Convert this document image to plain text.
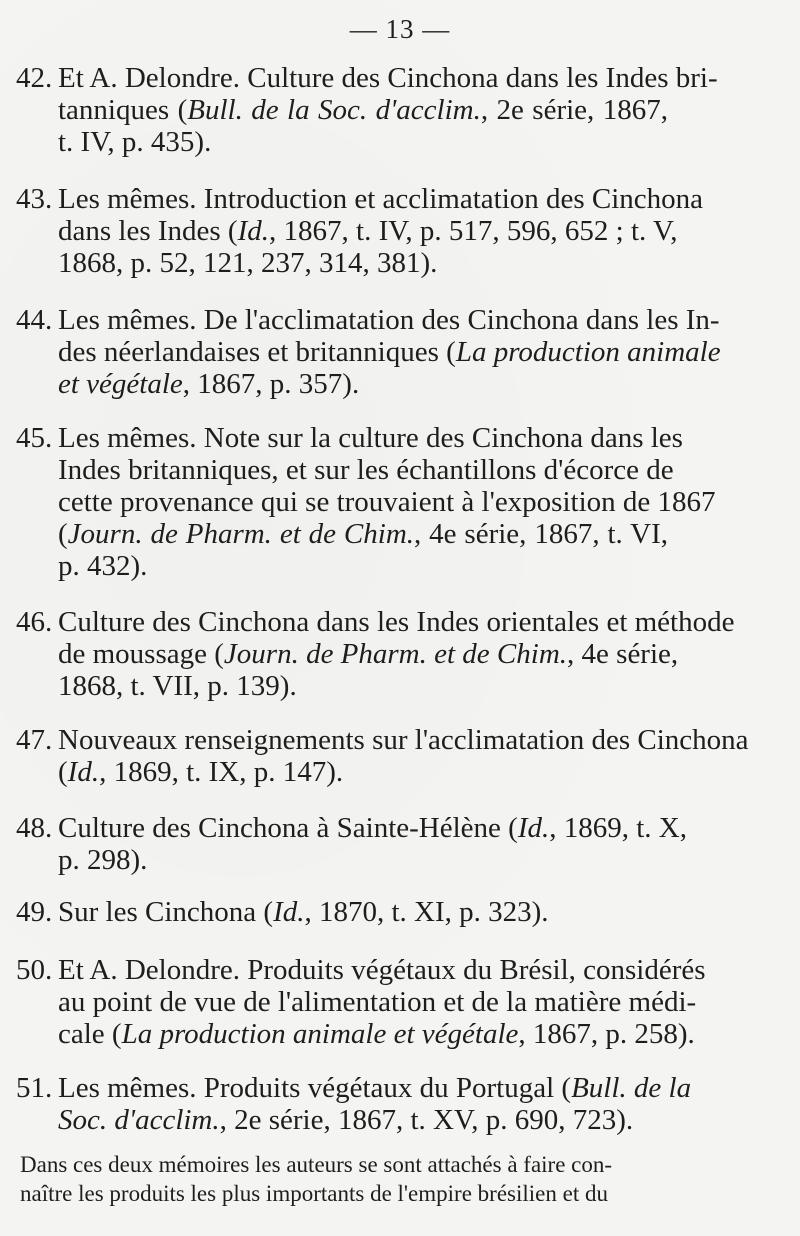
— 13 —
42. Et A. Delondre. Culture des Cinchona dans les Indes bri-
tanniques (Bull. de la Soc. d'acclim., 2e série, 1867,
t. IV, p. 435).
43. Les mêmes. Introduction et acclimatation des Cinchona
dans les Indes (Id., 1867, t. IV, p. 517, 596, 652 ; t. V,
1868, p. 52, 121, 237, 314, 381).
44. Les mêmes. De l'acclimatation des Cinchona dans les In-
des néerlandaises et britanniques (La production animale
et végétale, 1867, p. 357).
45. Les mêmes. Note sur la culture des Cinchona dans les
Indes britanniques, et sur les échantillons d'écorce de
cette provenance qui se trouvaient à l'exposition de 1867
(Journ. de Pharm. et de Chim., 4e série, 1867, t. VI,
p. 432).
46. Culture des Cinchona dans les Indes orientales et méthode
de moussage (Journ. de Pharm. et de Chim., 4e série,
1868, t. VII, p. 139).
47. Nouveaux renseignements sur l'acclimatation des Cinchona
(Id., 1869, t. IX, p. 147).
48. Culture des Cinchona à Sainte-Hélène (Id., 1869, t. X,
p. 298).
49. Sur les Cinchona (Id., 1870, t. XI, p. 323).
50. Et A. Delondre. Produits végétaux du Brésil, considérés
au point de vue de l'alimentation et de la matière médi-
cale (La production animale et végétale, 1867, p. 258).
51. Les mêmes. Produits végétaux du Portugal (Bull. de la
Soc. d'acclim., 2e série, 1867, t. XV, p. 690, 723).
Dans ces deux mémoires les auteurs se sont attachés à faire con-
naître les produits les plus importants de l'empire brésilien et du
